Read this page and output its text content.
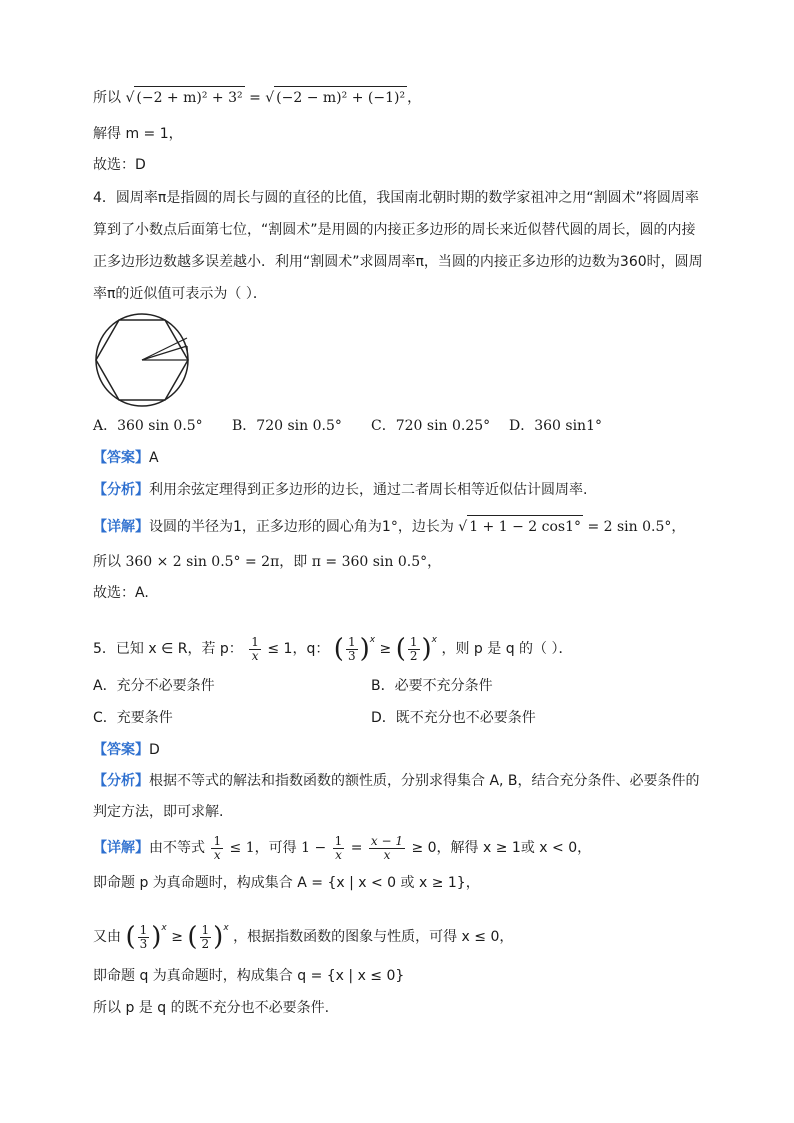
所以 √ (−2 + m)² + 3² = √ (−2 − m)² + (−1)² ，
解得 m = 1，
故选：D
4．圆周率π是指圆的周长与圆的直径的比值，我国南北朝时期的数学家祖冲之用“割圆术”将圆周率
算到了小数点后面第七位，“割圆术”是用圆的内接正多边形的周长来近似替代圆的周长，圆的内接
正多边形边数越多误差越小．利用“割圆术”求圆周率π，当圆的内接正多边形的边数为360时，圆周
率π的近似值可表示为（ ）．
A．360 sin 0.5° B．720 sin 0.5° C．720 sin 0.25° D．360 sin1°
【答案】A
【分析】利用余弦定理得到正多边形的边长，通过二者周长相等近似估计圆周率.
【详解】设圆的半径为1，正多边形的圆心角为1°，边长为 √ 1 + 1 − 2 cos1° = 2 sin 0.5°，
所以 360 × 2 sin 0.5° = 2π，即 π = 360 sin 0.5°，
故选：A.
5．已知 x ∈ R，若 p： $\frac{1}{x} \le 1$，q： ( $\frac{1}{3} )^x$ ≥ ( $\frac{1}{2} )^x$ ，则 p 是 q 的（ ）．
A．充分不必要条件	B．必要不充分条件
C．充要条件	D．既不充分也不必要条件
【答案】D
【分析】根据不等式的解法和指数函数的额性质，分别求得集合 A, B，结合充分条件、必要条件的
判定方法，即可求解.
【详解】由不等式 $\frac{1}{x} \le 1$，可得 $1 - \frac{1}{x} = \frac{x - 1}{x} \ge 0$，解得 x ≥ 1或 x < 0，
即命题 p 为真命题时，构成集合 A = {x | x < 0 或 x ≥ 1}，
又由 ( $\frac{1}{3} )^x$ ≥ ( $\frac{1}{2} )^x$ ，根据指数函数的图象与性质，可得 x ≤ 0，
即命题 q 为真命题时，构成集合 q = {x | x ≤ 0}
所以 p 是 q 的既不充分也不必要条件.
